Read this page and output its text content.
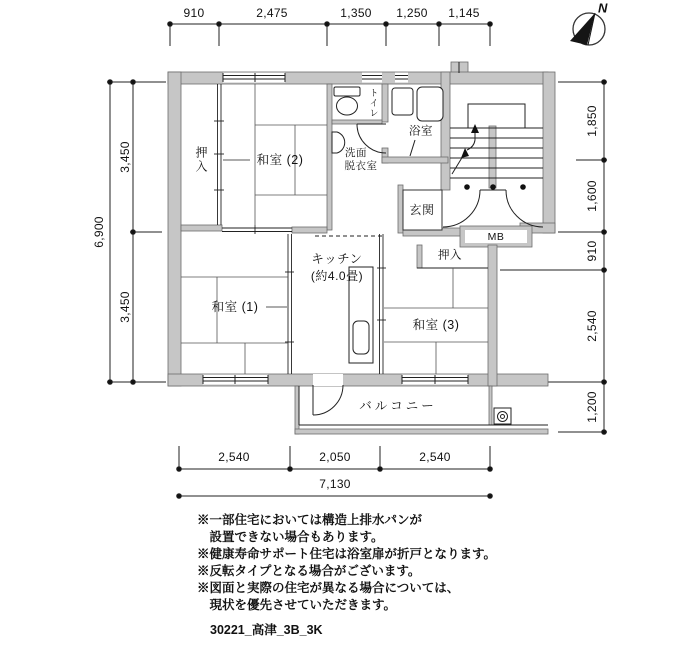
N
910	2,475	1,350 1,250 1,145
6,900
3,450
3,450
1,850
1,600
910
2,540
1,200
2,540	2,050	2,540
7,130
押入	和室 (2)
トイレ
浴室
洗面
脱衣室
玄関
MB
押入
キッチン
(約4.0畳)
和室 (1)
和室 (3)
バルコニー
※一部住宅においては構造上排水パンが
　設置できない場合もあります。
※健康寿命サポート住宅は浴室扉が折戸となります。
※反転タイプとなる場合がございます。
※図面と実際の住宅が異なる場合については、
　現状を優先させていただきます。
30221_高津_3B_3K
